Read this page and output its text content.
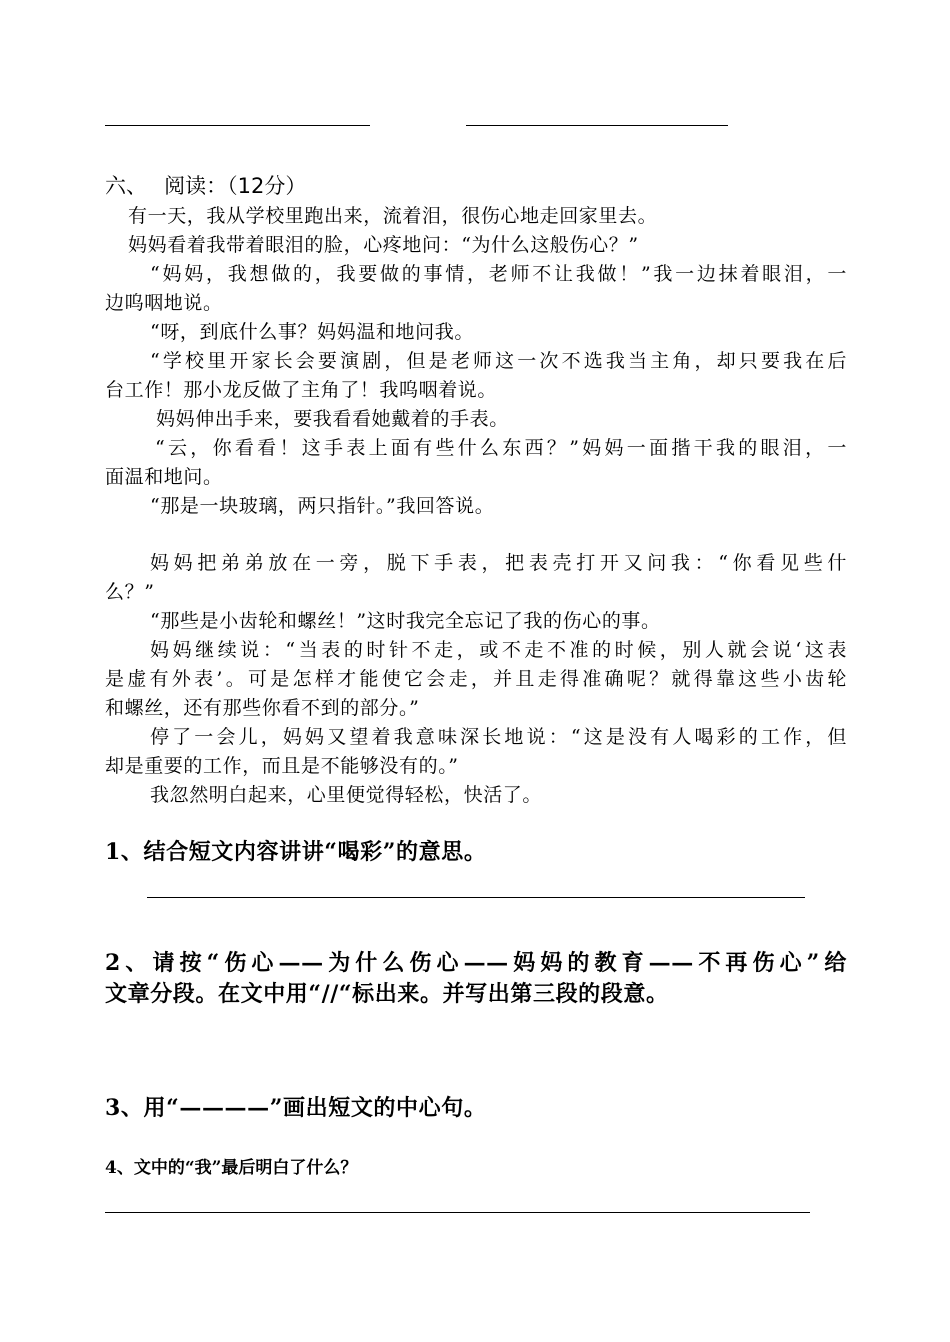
六、　 阅读：（12分）
有一天，我从学校里跑出来，流着泪，很伤心地走回家里去。
妈妈看着我带着眼泪的脸，心疼地问：“为什么这般伤心？”
“妈妈，我想做的，我要做的事情，老师不让我做！”我一边抹着眼泪，一
边呜咽地说。
“呀，到底什么事？妈妈温和地问我。
“学校里开家长会要演剧，但是老师这一次不选我当主角，却只要我在后
台工作！那小龙反做了主角了！我呜咽着说。
妈妈伸出手来，要我看看她戴着的手表。
“云，你看看！这手表上面有些什么东西？”妈妈一面揩干我的眼泪，一
面温和地问。
“那是一块玻璃，两只指针。”我回答说。
妈妈把弟弟放在一旁，脱下手表，把表壳打开又问我：“你看见些什
么？”
“那些是小齿轮和螺丝！”这时我完全忘记了我的伤心的事。
妈妈继续说：“当表的时针不走，或不走不准的时候，别人就会说‘这表
是虚有外表’。可是怎样才能使它会走，并且走得准确呢？就得靠这些小齿轮
和螺丝，还有那些你看不到的部分。”
停了一会儿，妈妈又望着我意味深长地说：“这是没有人喝彩的工作，但
却是重要的工作，而且是不能够没有的。”
我忽然明白起来，心里便觉得轻松，快活了。
1、结合短文内容讲讲“喝彩”的意思。
2、请按“伤心——为什么伤心——妈妈的教育——不再伤心”给
文章分段。在文中用“//“标出来。并写出第三段的段意。
3、用“————”画出短文的中心句。
4、文中的“我”最后明白了什么？
